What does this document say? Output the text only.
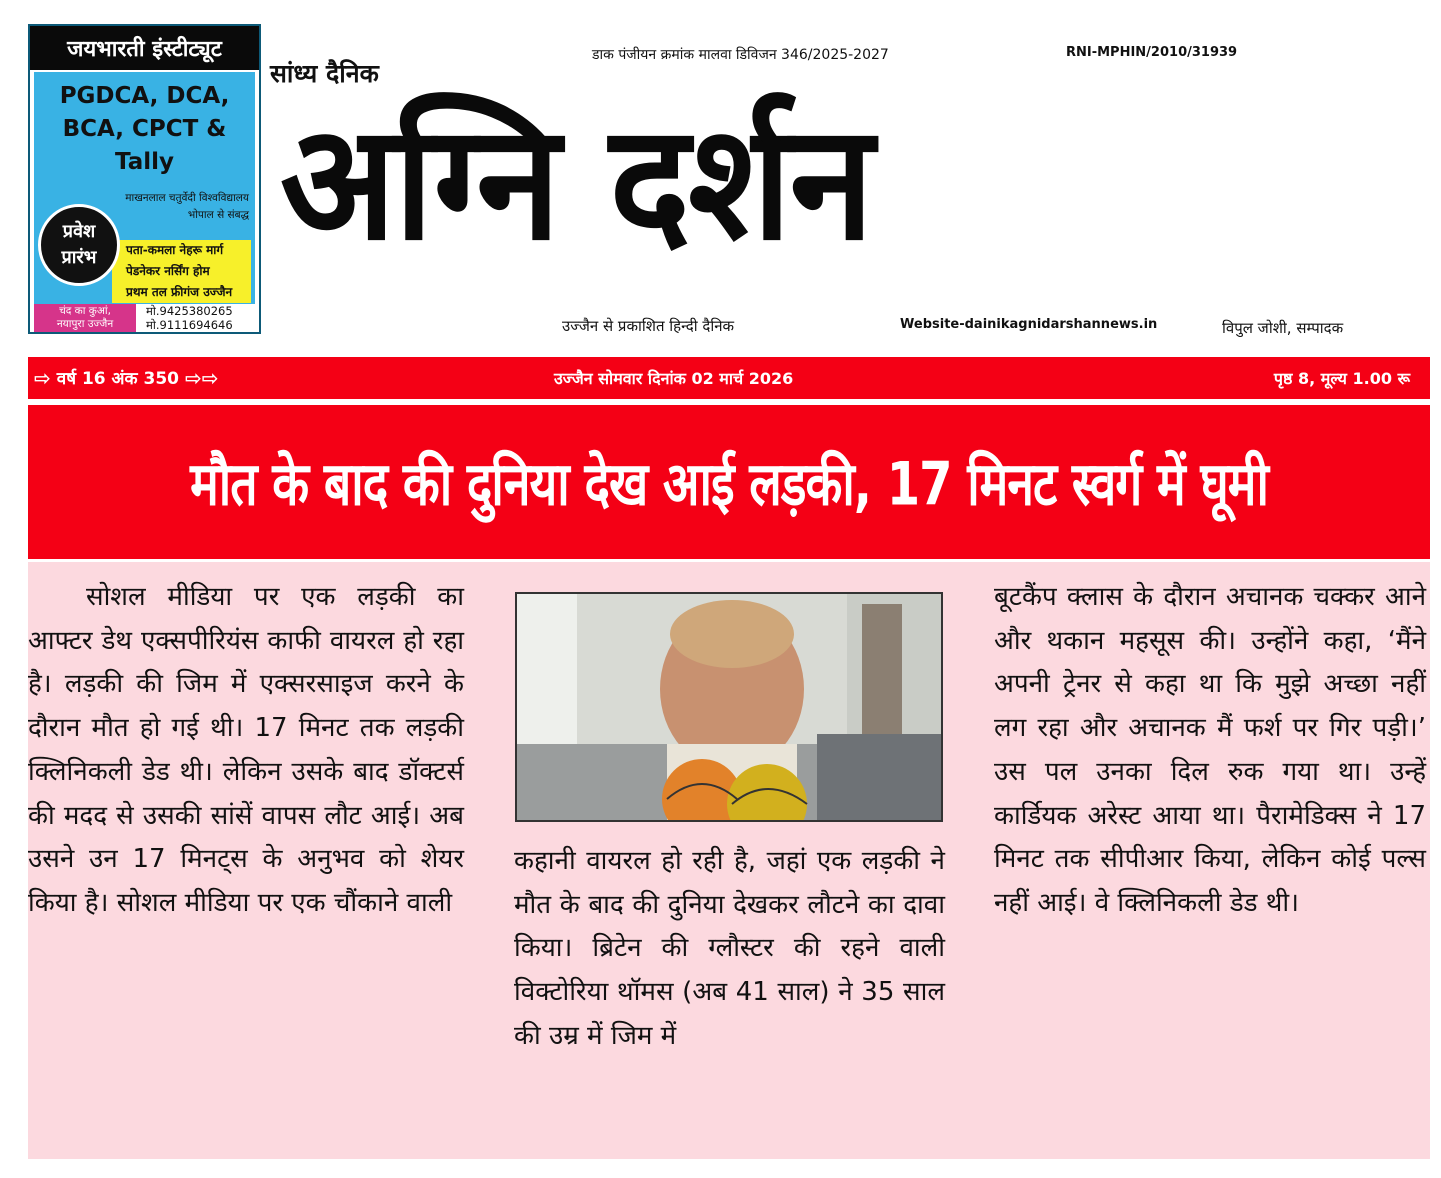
जयभारती इंस्टीट्यूट
PGDCA, DCA,
BCA, CPCT & Tally
माखनलाल चतुर्वेदी विश्वविद्यालय
भोपाल से संबद्ध
पता-कमला नेहरू मार्ग
पेडनेकर नर्सिंग होम
प्रथम तल फ्रीगंज उज्जैन
प्रवेश
प्रारंभ
चंद का कुआं,
नयापुरा उज्जैन
मो.9425380265
मो.9111694646
सांध्य दैनिक
डाक पंजीयन क्रमांक मालवा डिविजन 346/2025-2027	RNI-MPHIN/2010/31939
अग्नि दर्शन
उज्जैन से प्रकाशित हिन्दी दैनिक	Website-dainikagnidarshannews.in	विपुल जोशी, सम्पादक
⇨ वर्ष 16 अंक 350 ⇨⇨	उज्जैन सोमवार दिनांक 02 मार्च 2026	पृष्ठ 8, मूल्य 1.00 रू
मौत के बाद की दुनिया देख आई लड़की, 17 मिनट स्वर्ग में घूमी

सोशल मीडिया पर एक लड़की का आफ्टर डेथ एक्सपीरियंस काफी वायरल हो रहा है। लड़की की जिम में एक्सरसाइज करने के दौरान मौत हो गई थी। 17 मिनट तक लड़की क्लिनिकली डेड थी। लेकिन उसके बाद डॉक्टर्स की मदद से उसकी सांसें वापस लौट आई। अब उसने उन 17 मिनट्स के अनुभव को शेयर किया है। सोशल मीडिया पर एक चौंकाने वाली

कहानी वायरल हो रही है, जहां एक लड़की ने मौत के बाद की दुनिया देखकर लौटने का दावा किया। ब्रिटेन की ग्लौस्टर की रहने वाली विक्टोरिया थॉमस (अब 41 साल) ने 35 साल की उम्र में जिम में
बूटकैंप क्लास के दौरान अचानक चक्कर आने और थकान महसूस की। उन्होंने कहा, ‘मैंने अपनी ट्रेनर से कहा था कि मुझे अच्छा नहीं लग रहा और अचानक मैं फर्श पर गिर पड़ी।’ उस पल उनका दिल रुक गया था। उन्हें कार्डियक अरेस्ट आया था। पैरामेडिक्स ने 17 मिनट तक सीपीआर किया, लेकिन कोई पल्स नहीं आई। वे क्लिनिकली डेड थी।
